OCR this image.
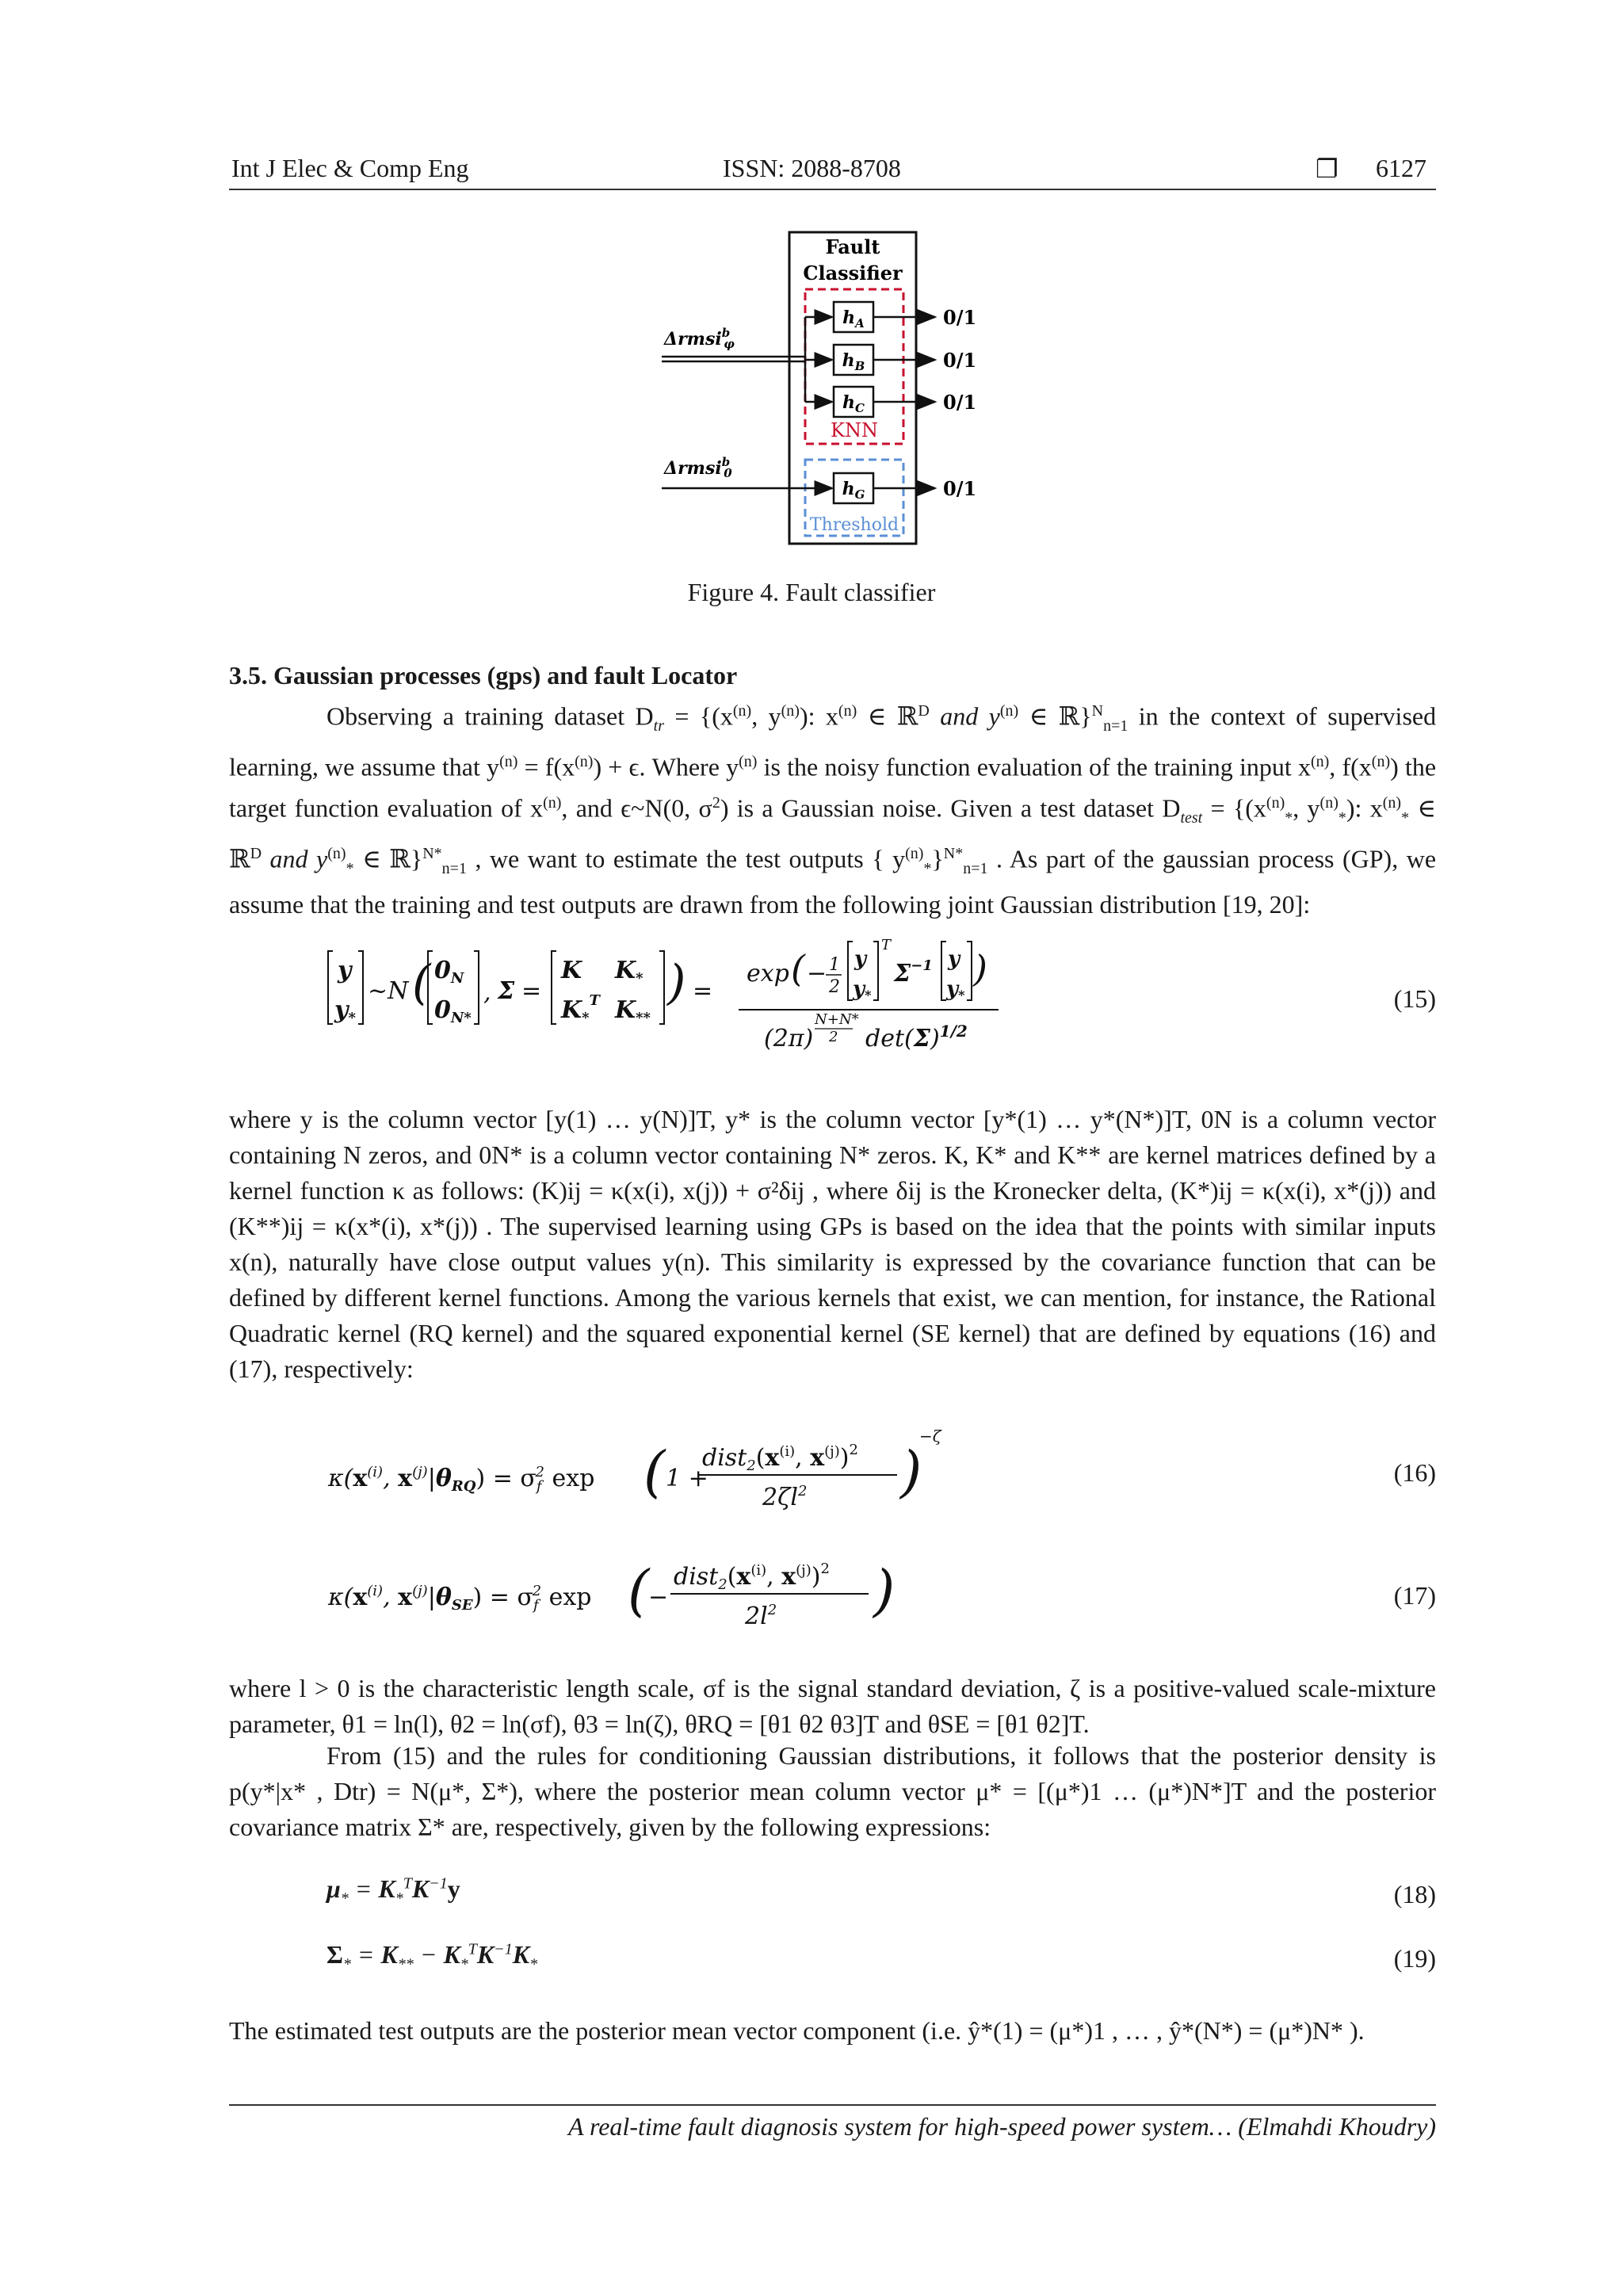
Int J Elec & Comp Eng	ISSN: 2088-8708	❐ 6127
Fault
Classifier
KNN
Threshold
$h_A$
$h_B$
$h_C$
$h_G$
Δrmsi$^b$ φ
Δrmsi$^b$ 0
0/1
0/1
0/1
0/1
Figure 4. Fault classifier
3.5. Gaussian processes (gps) and fault Locator
Observing a training dataset $D_{tr} = \{(x^{(n)}$, $y^{(n)}$): $x^{(n)}$ ∈ ℝ$^D$ and $y^{(n)}$ ∈ ℝ}$^N_{n=1}$ in the context of supervised learning, we assume that $y^{(n)} = f(x^{(n)}) + \epsilon$. Where $y^{(n)}$ is the noisy function evaluation of the training input $x^{(n)}$, $f(x^{(n)})$ the target function evaluation of $x^{(n)}$, and ϵ~N(0, $\sigma^2$) is a Gaussian noise. Given a test dataset $D_{test} = \{(x^{(n)}_*$, $y^{(n)}_*$): $x^{(n)}_*$ ∈ ℝ$^D$ and $y^{(n)}_*$ ∈ ℝ}$^{N*}_{n=1}$ , we want to estimate the test outputs { $y^{(n)}_*\}^{N*}_{n=1}$ . As part of the gaussian process (GP), we assume that the training and test outputs are drawn from the following joint Gaussian distribution [19, 20]:
y
$y_*$
~N ( $0_N$
$0_{N*}$
, Σ =
K $K_*$
$K_*^T$ $K_{**}$
) =
exp ( − 1
2
y
y*
T
$\Sigma^{-1}$ y
y*
)
(2π)
N+N*
2 $\det(\Sigma)^{1/2}$
(15)
where y is the column vector [y(1) … y(N)]T, y* is the column vector [y*(1) … y*(N*)]T, 0N is a column vector containing N zeros, and 0N* is a column vector containing N* zeros. K, K* and K** are kernel matrices defined by a kernel function κ as follows: (K)ij = κ(x(i), x(j)) + σ²δij , where δij is the Kronecker delta, (K*)ij = κ(x(i), x*(j)) and (K**)ij = κ(x*(i), x*(j)) . The supervised learning using GPs is based on the idea that the points with similar inputs x(n), naturally have close output values y(n). This similarity is expressed by the covariance function that can be defined by different kernel functions. Among the various kernels that exist, we can mention, for instance, the Rational Quadratic kernel (RQ kernel) and the squared exponential kernel (SE kernel) that are defined by equations (16) and (17), respectively:
$\kappa(x^{(i)}$, $x^{(j)}|\theta_{RQ}) = \sigma_f2$ exp ( 1 +
$dist_2(x^{(i)}$, $x^{(j)})^2$
$2\zeta l^2$ )
−ζ
(16)
$\kappa(x^{(i)}$, $x^{(j)}|\theta_{SE}) = \sigma_f2$ exp (
−
$dist_2(x^{(i)}$, $x^{(j)})^2$
$2l^2$ )	(17)
where l > 0 is the characteristic length scale, σf is the signal standard deviation, ζ is a positive-valued scale-mixture parameter, θ1 = ln(l), θ2 = ln(σf), θ3 = ln(ζ), θRQ = [θ1 θ2 θ3]T and θSE = [θ1 θ2]T.
From (15) and the rules for conditioning Gaussian distributions, it follows that the posterior density is p(y*|x* , Dtr) = N(μ*, Σ*), where the posterior mean column vector μ* = [(μ*)1 … (μ*)N*]T and the posterior covariance matrix Σ* are, respectively, given by the following expressions:
$\mu_* = K_*^TK^{-1}y$	(18)
$\Sigma_* = K_{**} - K_*^TK^{-1}K_*$	(19)
The estimated test outputs are the posterior mean vector component (i.e. ŷ*(1) = (μ*)1 , … , ŷ*(N*) = (μ*)N* ).
A real-time fault diagnosis system for high-speed power system… (Elmahdi Khoudry)
